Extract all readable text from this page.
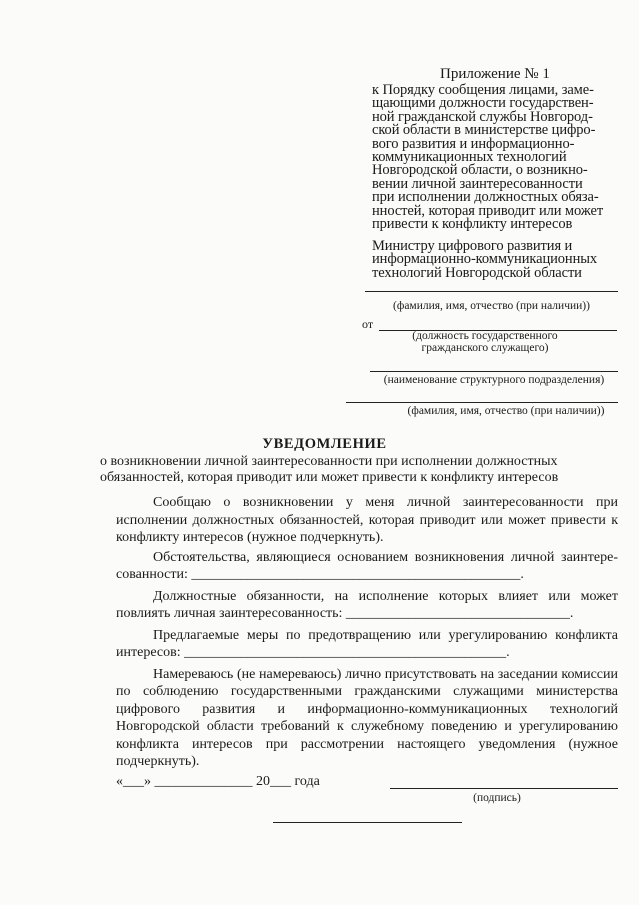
Приложение № 1
к Порядку сообщения лицами, заме-
щающими должности государствен-
ной гражданской службы Новгород-
ской области в министерстве цифро-
вого развития и информационно-
коммуникационных технологий
Новгородской области, о возникно-
вении личной заинтересованности
при исполнении должностных обяза-
нностей, которая приводит или может
привести к конфликту интересов
Министру цифрового развития и
информационно-коммуникационных
технологий Новгородской области
(фамилия, имя, отчество (при наличии))
от
(должность государственного
гражданского служащего)
(наименование структурного подразделения)
(фамилия, имя, отчество (при наличии))
УВЕДОМЛЕНИЕ
о возникновении личной заинтересованности при исполнении должностных
обязанностей, которая приводит или может привести к конфликту интересов
Сообщаю о возникновении у меня личной заинтересованности при исполнении должностных обязанностей, которая приводит или может привести к конфликту интересов (нужное подчеркнуть).
Обстоятельства, являющиеся основанием возникновения личной заинтере-сованности: _______________________________________________.
Должностные обязанности, на исполнение которых влияет или может повлиять личная заинтересованность: ________________________________.
Предлагаемые меры по предотвращению или урегулированию конфликта интересов: ______________________________________________.
Намереваюсь (не намереваюсь) лично присутствовать на заседании комиссии по соблюдению государственными гражданскими служащими министерства цифрового развития и информационно-коммуникационных технологий Новгородской области требований к служебному поведению и урегулированию конфликта интересов при рассмотрении настоящего уведомления (нужное подчеркнуть).
«___» ______________ 20___ года
(подпись)
